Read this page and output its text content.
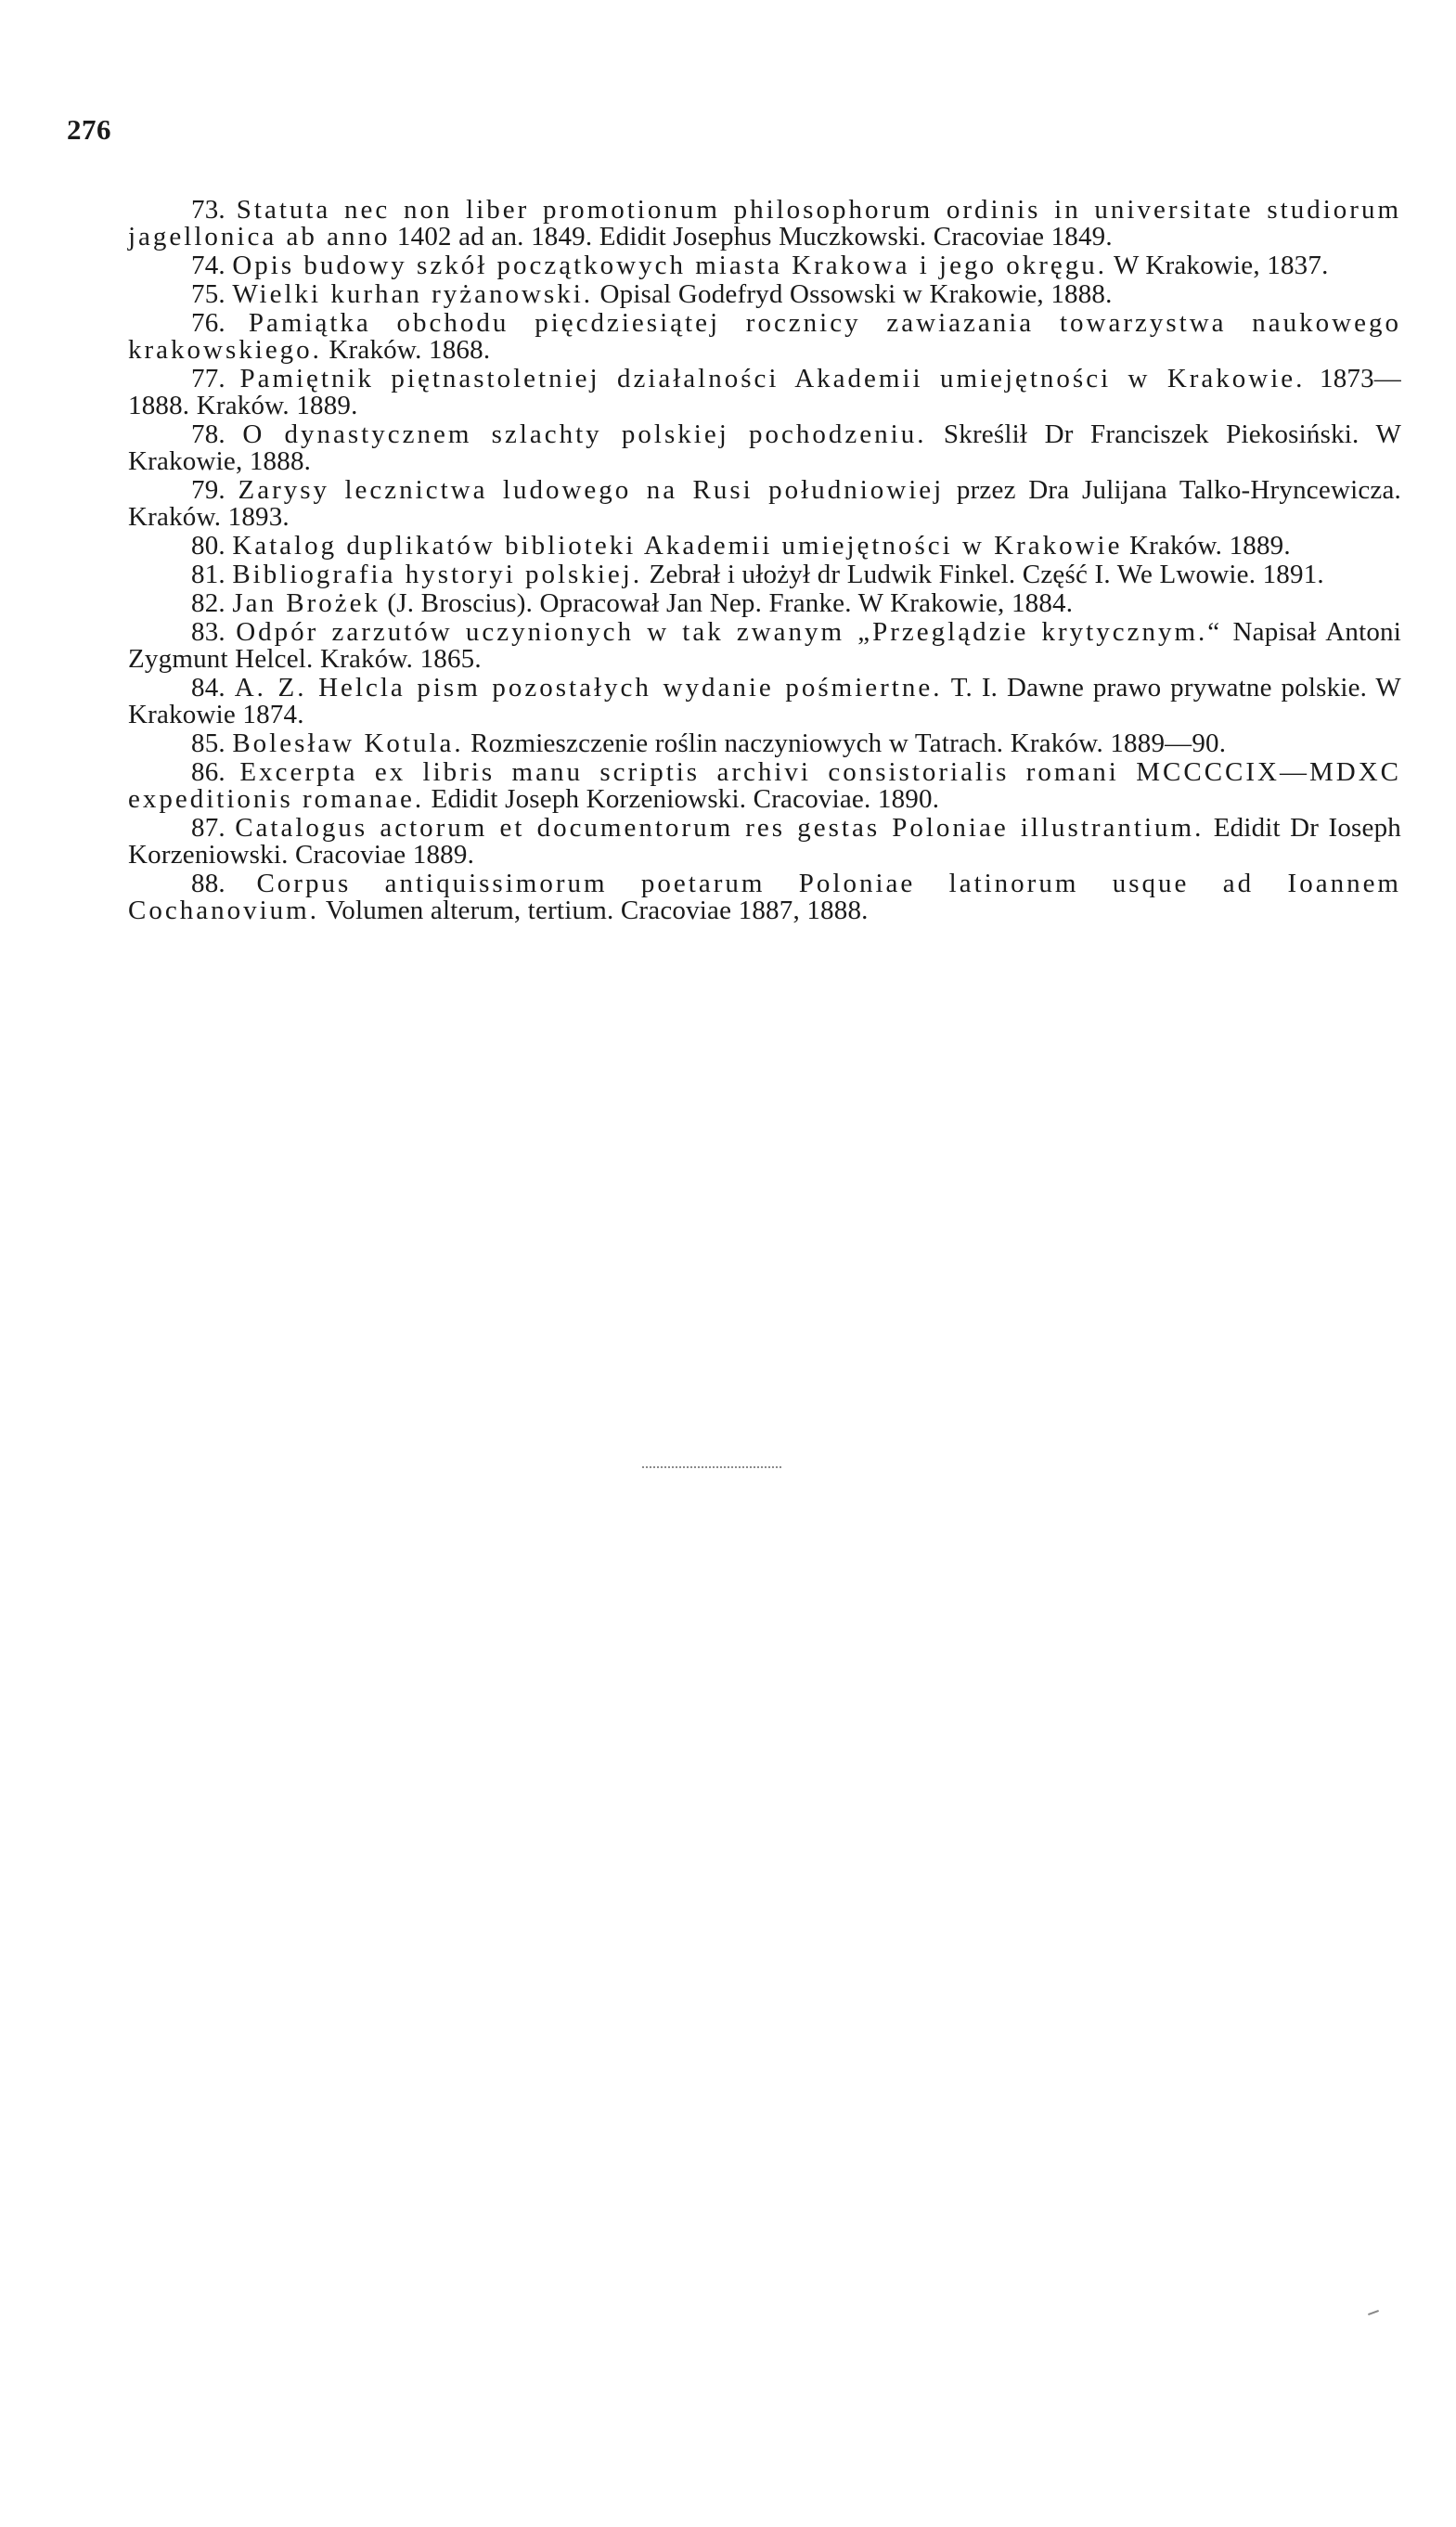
276

73. Statuta nec non liber promotionum philosophorum ordinis in universitate studiorum jagellonica ab anno 1402 ad an. 1849. Edidit Josephus Muczkowski. Cracoviae 1849.

74. Opis budowy szkół początkowych miasta Krakowa i jego okręgu. W Krakowie, 1837.

75. Wielki kurhan ryżanowski. Opisal Godefryd Ossowski w Krakowie, 1888.

76. Pamiątka obchodu pięcdziesiątej rocznicy zawiazania towarzystwa naukowego krakowskiego. Kraków. 1868.

77. Pamiętnik piętnastoletniej działalności Akademii umiejętności w Krakowie. 1873—1888. Kraków. 1889.

78. O dynastycznem szlachty polskiej pochodzeniu. Skreślił Dr Franciszek Piekosiński. W Krakowie, 1888.

79. Zarysy lecznictwa ludowego na Rusi południowiej przez Dra Julijana Talko-Hryncewicza. Kraków. 1893.

80. Katalog duplikatów biblioteki Akademii umiejętności w Krakowie Kraków. 1889.

81. Bibliografia hystoryi polskiej. Zebrał i ułożył dr Ludwik Finkel. Część I. We Lwowie. 1891.

82. Jan Brożek (J. Broscius). Opracował Jan Nep. Franke. W Krakowie, 1884.

83. Odpór zarzutów uczynionych w tak zwanym „Przeglądzie krytycznym.“ Napisał Antoni Zygmunt Helcel. Kraków. 1865.

84. A. Z. Helcla pism pozostałych wydanie pośmiertne. T. I. Dawne prawo prywatne polskie. W Krakowie 1874.

85. Bolesław Kotula. Rozmieszczenie roślin naczyniowych w Tatrach. Kraków. 1889—90.

86. Excerpta ex libris manu scriptis archivi consistorialis romani MCCCCIX—MDXC expeditionis romanae. Edidit Joseph Korzeniowski. Cracoviae. 1890.

87. Catalogus actorum et documentorum res gestas Poloniae illustrantium. Edidit Dr Ioseph Korzeniowski. Cracoviae 1889.

88. Corpus antiquissimorum poetarum Poloniae latinorum usque ad Ioannem Cochanovium. Volumen alterum, tertium. Cracoviae 1887, 1888.
